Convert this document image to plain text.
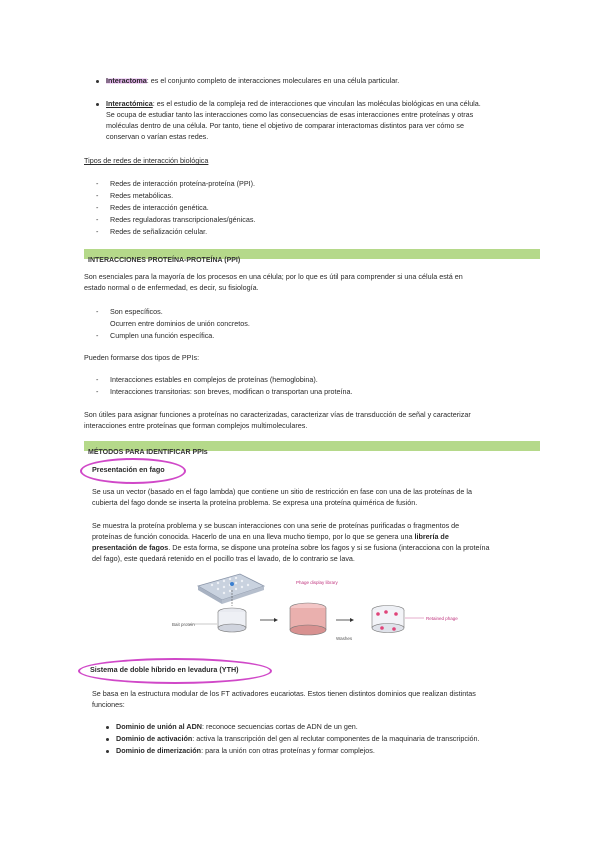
Interactoma: es el conjunto completo de interacciones moleculares en una célula particular.
Interactómica: es el estudio de la compleja red de interacciones que vinculan las moléculas biológicas en una célula.
Se ocupa de estudiar tanto las interacciones como las consecuencias de esas interacciones entre proteínas y otras
moléculas dentro de una célula. Por tanto, tiene el objetivo de comparar interactomas distintos para ver cómo se
conservan o varían estas redes.
Tipos de redes de interacción biológica
- Redes de interacción proteína-proteína (PPI).
- Redes metabólicas.
- Redes de interacción genética.
- Redes reguladoras transcripcionales/génicas.
- Redes de señalización celular.
INTERACCIONES PROTEÍNA-PROTEÍNA (PPI)
Son esenciales para la mayoría de los procesos en una célula; por lo que es útil para comprender si una célula está en
estado normal o de enfermedad, es decir, su fisiología.
- Son específicos.
Ocurren entre dominios de unión concretos.
- Cumplen una función específica.
Pueden formarse dos tipos de PPIs:
- Interacciones estables en complejos de proteínas (hemoglobina).
- Interacciones transitorias: son breves, modifican o transportan una proteína.
Son útiles para asignar funciones a proteínas no caracterizadas, caracterizar vías de transducción de señal y caracterizar
interacciones entre proteínas que forman complejos multimoleculares.
MÉTODOS PARA IDENTIFICAR PPIs
Presentación en fago
Se usa un vector (basado en el fago lambda) que contiene un sitio de restricción en fase con una de las proteínas de la
cubierta del fago donde se inserta la proteína problema. Se expresa una proteína quimérica de fusión.
Se muestra la proteína problema y se buscan interacciones con una serie de proteínas purificadas o fragmentos de
proteínas de función conocida. Hacerlo de una en una lleva mucho tiempo, por lo que se genera una librería de
presentación de fagos. De esta forma, se dispone una proteína sobre los fagos y si se fusiona (interacciona con la proteína
del fago), este quedará retenido en el pocillo tras el lavado, de lo contrario se lava.
Bait protein
Phage display library
Washes
Retained phage
Sistema de doble híbrido en levadura (YTH)
Se basa en la estructura modular de los FT activadores eucariotas. Estos tienen distintos dominios que realizan distintas
funciones:
Dominio de unión al ADN: reconoce secuencias cortas de ADN de un gen.
Dominio de activación: activa la transcripción del gen al reclutar componentes de la maquinaria de transcripción.
Dominio de dimerización: para la unión con otras proteínas y formar complejos.
